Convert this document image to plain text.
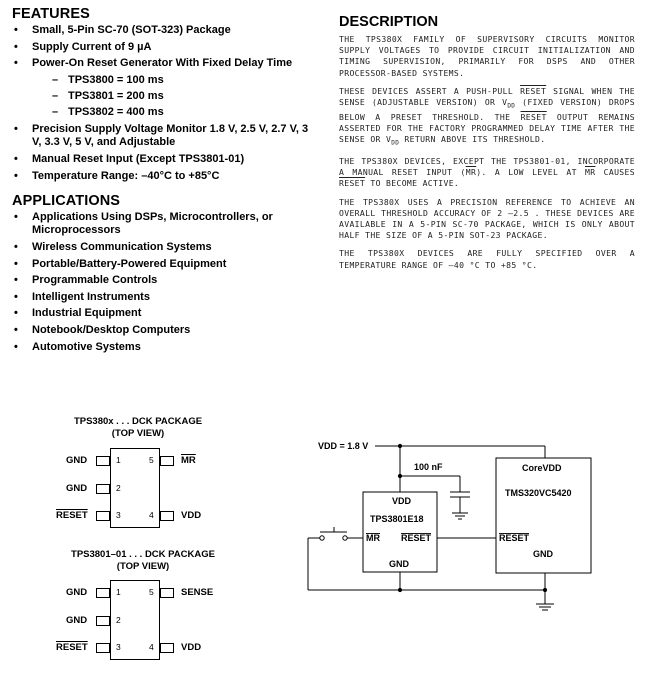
FEATURES
• Small, 5-Pin SC-70 (SOT-323) Package
• Supply Current of 9 µA
• Power-On Reset Generator With Fixed Delay Time
– TPS3800 = 100 ms
– TPS3801 = 200 ms
– TPS3802 = 400 ms
• Precision Supply Voltage Monitor 1.8 V, 2.5 V, 2.7 V, 3 V, 3.3 V, 5 V, and Adjustable
• Manual Reset Input (Except TPS3801-01)
• Temperature Range: –40°C to +85°C
APPLICATIONS
• Applications Using DSPs, Microcontrollers, or Microprocessors
• Wireless Communication Systems
• Portable/Battery-Powered Equipment
• Programmable Controls
• Intelligent Instruments
• Industrial Equipment
• Notebook/Desktop Computers
• Automotive Systems
DESCRIPTION

THE TPS380X FAMILY OF SUPERVISORY CIRCUITS MONITOR SUPPLY VOLTAGES TO PROVIDE CIRCUIT INITIALIZATION AND TIMING SUPERVISION, PRIMARILY FOR DSPS AND OTHER PROCESSOR-BASED SYSTEMS.

THESE DEVICES ASSERT A PUSH-PULL RESET SIGNAL WHEN THE SENSE (ADJUSTABLE VERSION) OR $V_{DD}$ (FIXED VERSION) DROPS BELOW A PRESET THRESHOLD. THE RESET OUTPUT REMAINS ASSERTED FOR THE FACTORY PROGRAMMED DELAY TIME AFTER THE SENSE OR $V_{DD}$ RETURN ABOVE ITS THRESHOLD.

THE TPS380X DEVICES, EXCEPT THE TPS3801-01, INCORPORATE A MANUAL RESET INPUT $(\overline{MR})$. A LOW LEVEL AT $\overline{MR}$ CAUSES RESET TO BECOME ACTIVE.

THE TPS380X USES A PRECISION REFERENCE TO ACHIEVE AN OVERALL THRESHOLD ACCURACY OF 2 —2.5 . THESE DEVICES ARE AVAILABLE IN A 5-PIN SC-70 PACKAGE, WHICH IS ONLY ABOUT HALF THE SIZE OF A 5-PIN SOT-23 PACKAGE.

THE TPS380X DEVICES ARE FULLY SPECIFIED OVER A TEMPERATURE RANGE OF –40 °C TO +85 °C.

TPS380x . . . DCK PACKAGE
(TOP VIEW)
GND	1
GND	2
RESET	3
5	$\overline{MR}$
4	VDD
TPS3801–01 . . . DCK PACKAGE
(TOP VIEW)
GND	1
GND	2
RESET	3
5	SENSE
4	VDD
VDD = 1.8 V
100 nF
VDD
TPS3801E18
MR RESET
GND
CoreVDD
TMS320VC5420
RESET
GND
